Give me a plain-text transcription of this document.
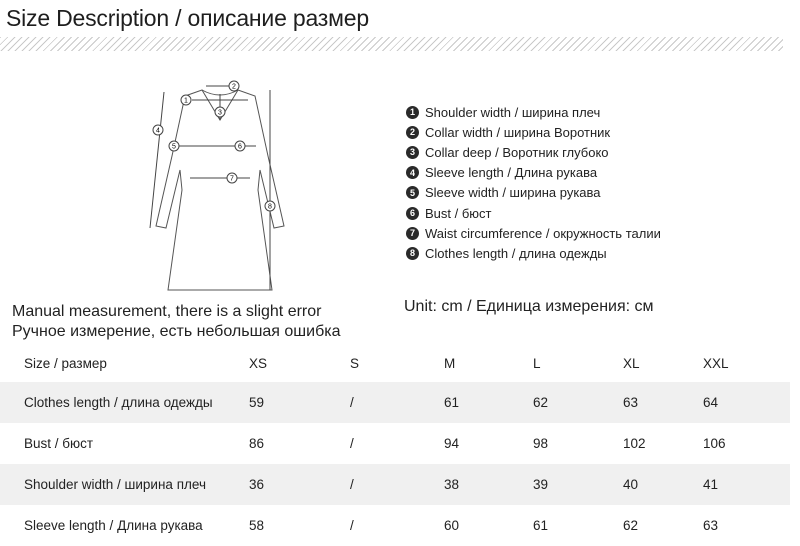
Size Description / описание размер
1
2
3
4
5	6
7
8
1 Shoulder width / ширина плеч
2 Collar width / ширина Воротник
3 Collar deep / Воротник глубоко
4 Sleeve length / Длина рукава
5 Sleeve width / ширина рукава
6 Bust / бюст
7 Waist circumference / окружность талии
8 Clothes length / длина одежды
Unit: cm / Единица измерения: см
Manual measurement, there is a slight error
Ручное измерение, есть небольшая ошибка
Size / размер	XS	S	M	L	XL	XXL
Clothes length / длина одежды	59	/	61	62	63	64
Bust / бюст	86	/	94	98	102	106
Shoulder width / ширина плеч	36	/	38	39	40	41
Sleeve length / Длина рукава	58	/	60	61	62	63
